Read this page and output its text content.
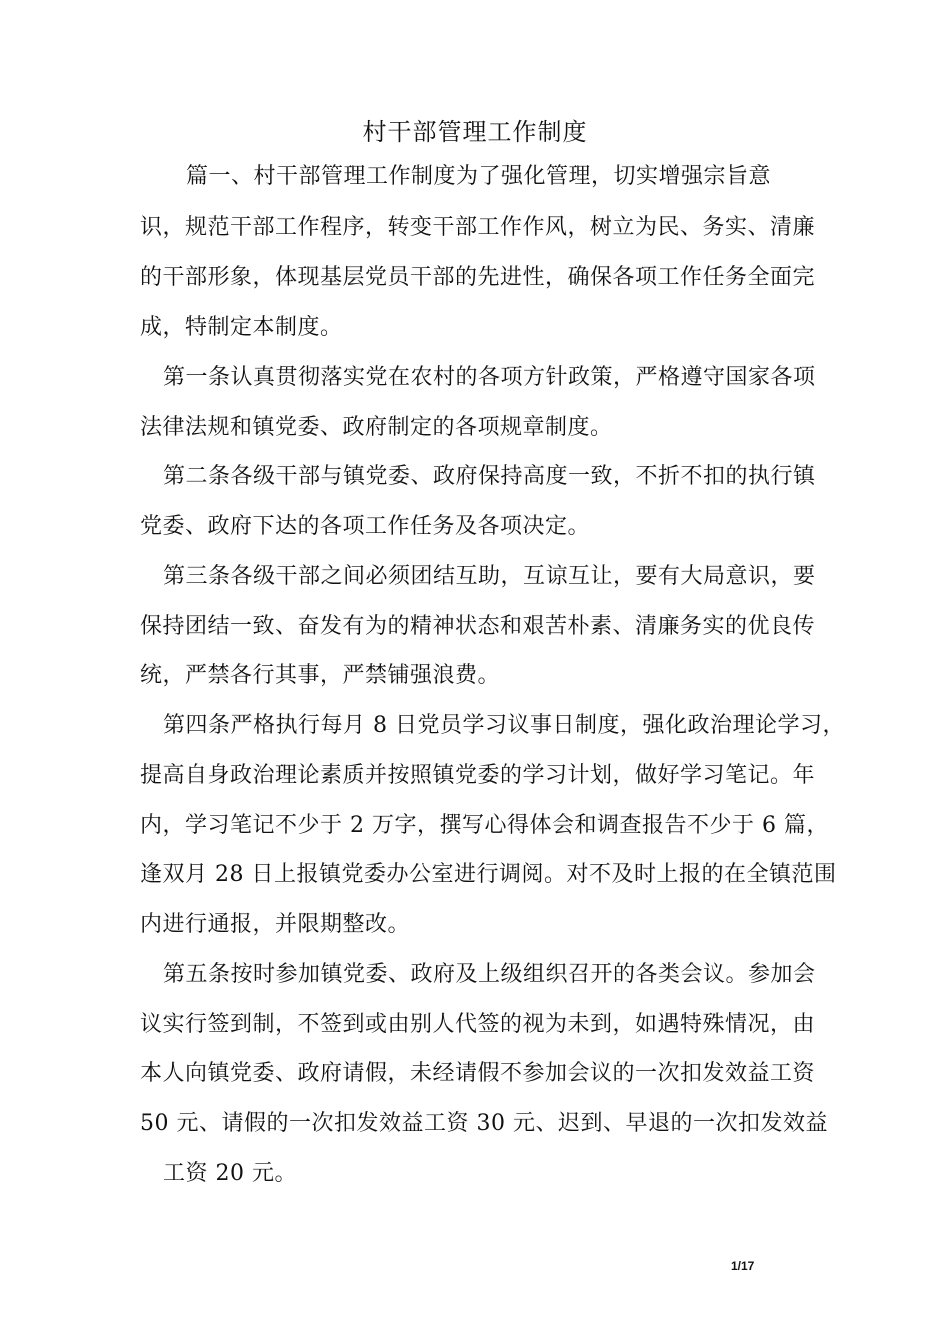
村干部管理工作制度
篇一、村干部管理工作制度为了强化管理，切实增强宗旨意
识，规范干部工作程序，转变干部工作作风，树立为民、务实、清廉
的干部形象，体现基层党员干部的先进性，确保各项工作任务全面完
成，特制定本制度。
第一条认真贯彻落实党在农村的各项方针政策，严格遵守国家各项
法律法规和镇党委、政府制定的各项规章制度。
第二条各级干部与镇党委、政府保持高度一致，不折不扣的执行镇
党委、政府下达的各项工作任务及各项决定。
第三条各级干部之间必须团结互助，互谅互让，要有大局意识，要
保持团结一致、奋发有为的精神状态和艰苦朴素、清廉务实的优良传
统，严禁各行其事，严禁铺强浪费。
第四条严格执行每月 8 日党员学习议事日制度，强化政治理论学习，
提高自身政治理论素质并按照镇党委的学习计划，做好学习笔记。年
内，学习笔记不少于 2 万字，撰写心得体会和调查报告不少于 6 篇，
逢双月 28 日上报镇党委办公室进行调阅。对不及时上报的在全镇范围
内进行通报，并限期整改。
第五条按时参加镇党委、政府及上级组织召开的各类会议。参加会
议实行签到制，不签到或由别人代签的视为未到，如遇特殊情况，由
本人向镇党委、政府请假，未经请假不参加会议的一次扣发效益工资
50 元、请假的一次扣发效益工资 30 元、迟到、早退的一次扣发效益
工资 20 元。
1/17
